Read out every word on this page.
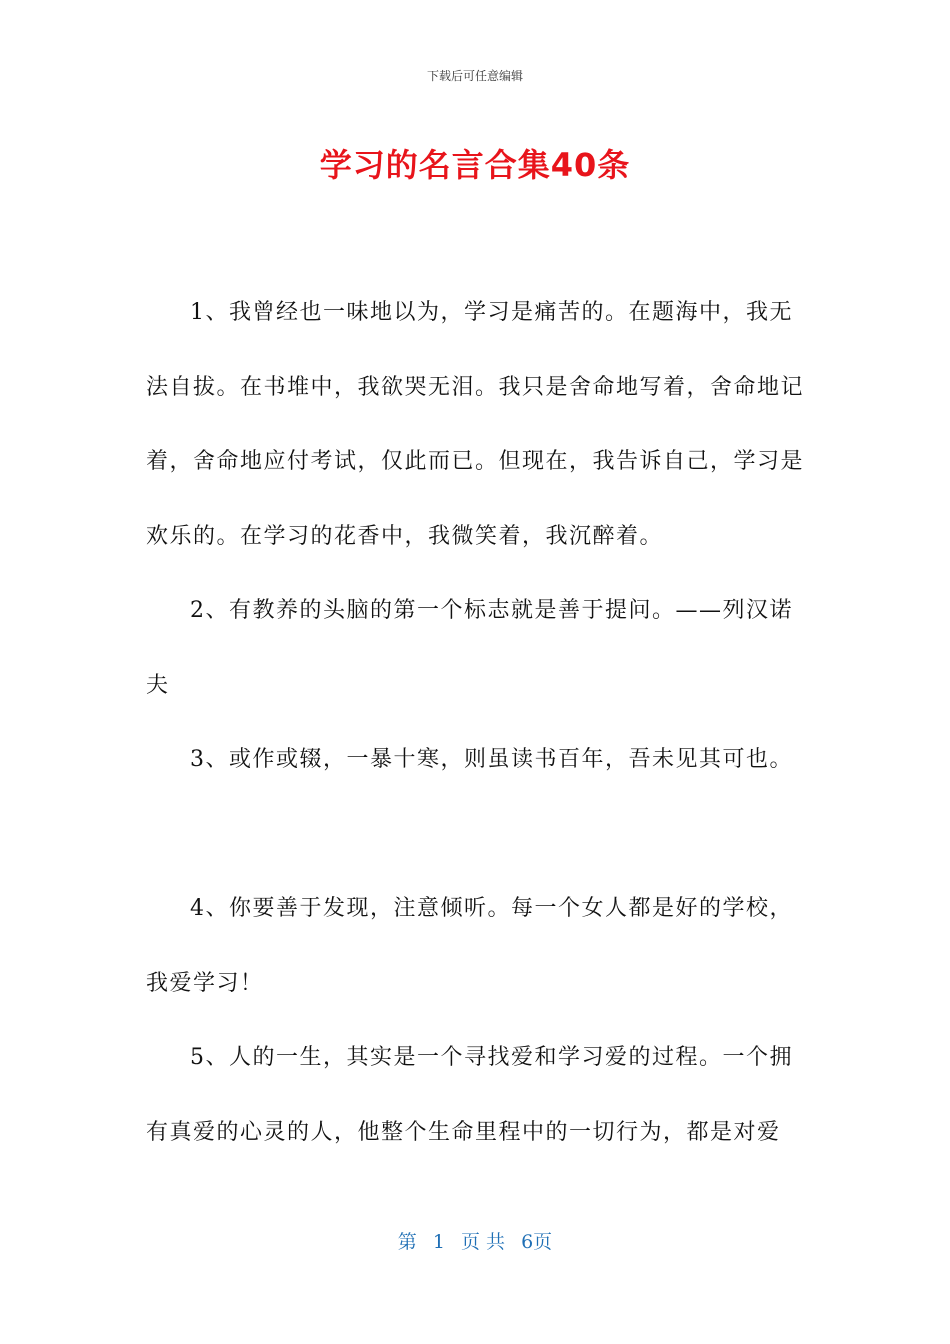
下载后可任意编辑
学习的名言合集40条

1、我曾经也一味地以为，学习是痛苦的。在题海中，我无法自拔。在书堆中，我欲哭无泪。我只是舍命地写着，舍命地记着，舍命地应付考试，仅此而已。但现在，我告诉自己，学习是欢乐的。在学习的花香中，我微笑着，我沉醉着。

2、有教养的头脑的第一个标志就是善于提问。——列汉诺夫

3、或作或辍，一暴十寒，则虽读书百年，吾未见其可也。

4、你要善于发现，注意倾听。每一个女人都是好的学校，我爱学习！

5、人的一生，其实是一个寻找爱和学习爱的过程。一个拥有真爱的心灵的人，他整个生命里程中的一切行为，都是对爱

第 1 页 共 6页
